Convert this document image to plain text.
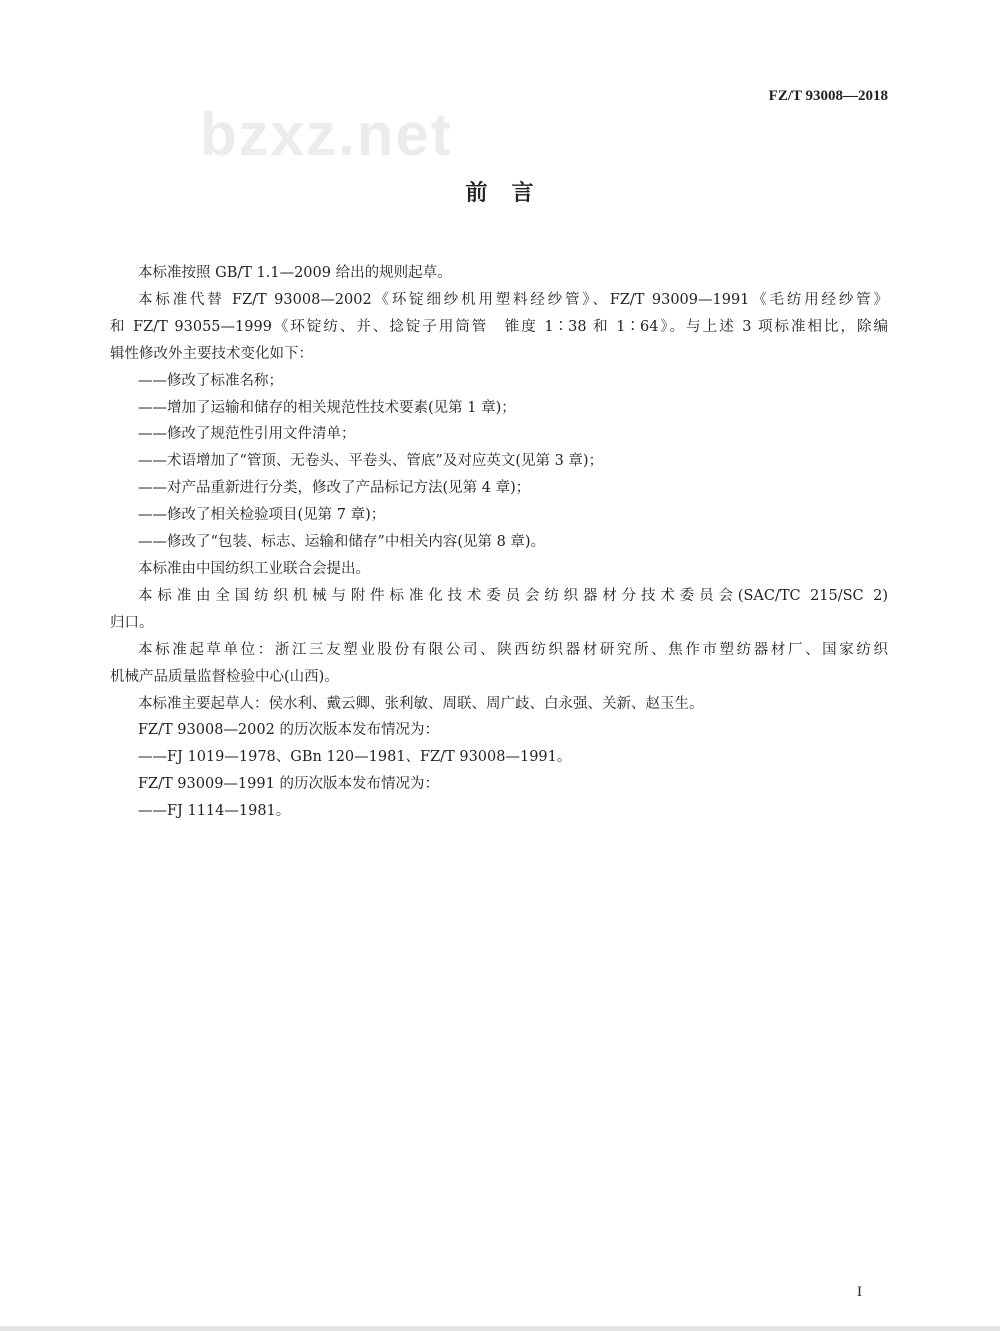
FZ/T 93008—2018
bzxz.net
前　言
本标准按照 GB/T 1.1—2009 给出的规则起草。
本标准代替 FZ/T 93008—2002《环锭细纱机用塑料经纱管》、FZ/T 93009—1991《毛纺用经纱管》
和 FZ/T 93055—1999《环锭纺、并、捻锭子用筒管　锥度 1∶38 和 1∶64》。与上述 3 项标准相比，除编
辑性修改外主要技术变化如下：
——修改了标准名称；
——增加了运输和储存的相关规范性技术要素(见第 1 章)；
——修改了规范性引用文件清单；
——术语增加了“管顶、无卷头、平卷头、管底”及对应英文(见第 3 章)；
——对产品重新进行分类，修改了产品标记方法(见第 4 章)；
——修改了相关检验项目(见第 7 章)；
——修改了“包装、标志、运输和储存”中相关内容(见第 8 章)。
本标准由中国纺织工业联合会提出。
本标准由全国纺织机械与附件标准化技术委员会纺织器材分技术委员会(SAC/TC 215/SC 2)
归口。
本标准起草单位：浙江三友塑业股份有限公司、陕西纺织器材研究所、焦作市塑纺器材厂、国家纺织
机械产品质量监督检验中心(山西)。
本标准主要起草人：侯水利、戴云卿、张利敏、周联、周广歧、白永强、关新、赵玉生。
FZ/T 93008—2002 的历次版本发布情况为：
——FJ 1019—1978、GBn 120—1981、FZ/T 93008—1991。
FZ/T 93009—1991 的历次版本发布情况为：
——FJ 1114—1981。
I
